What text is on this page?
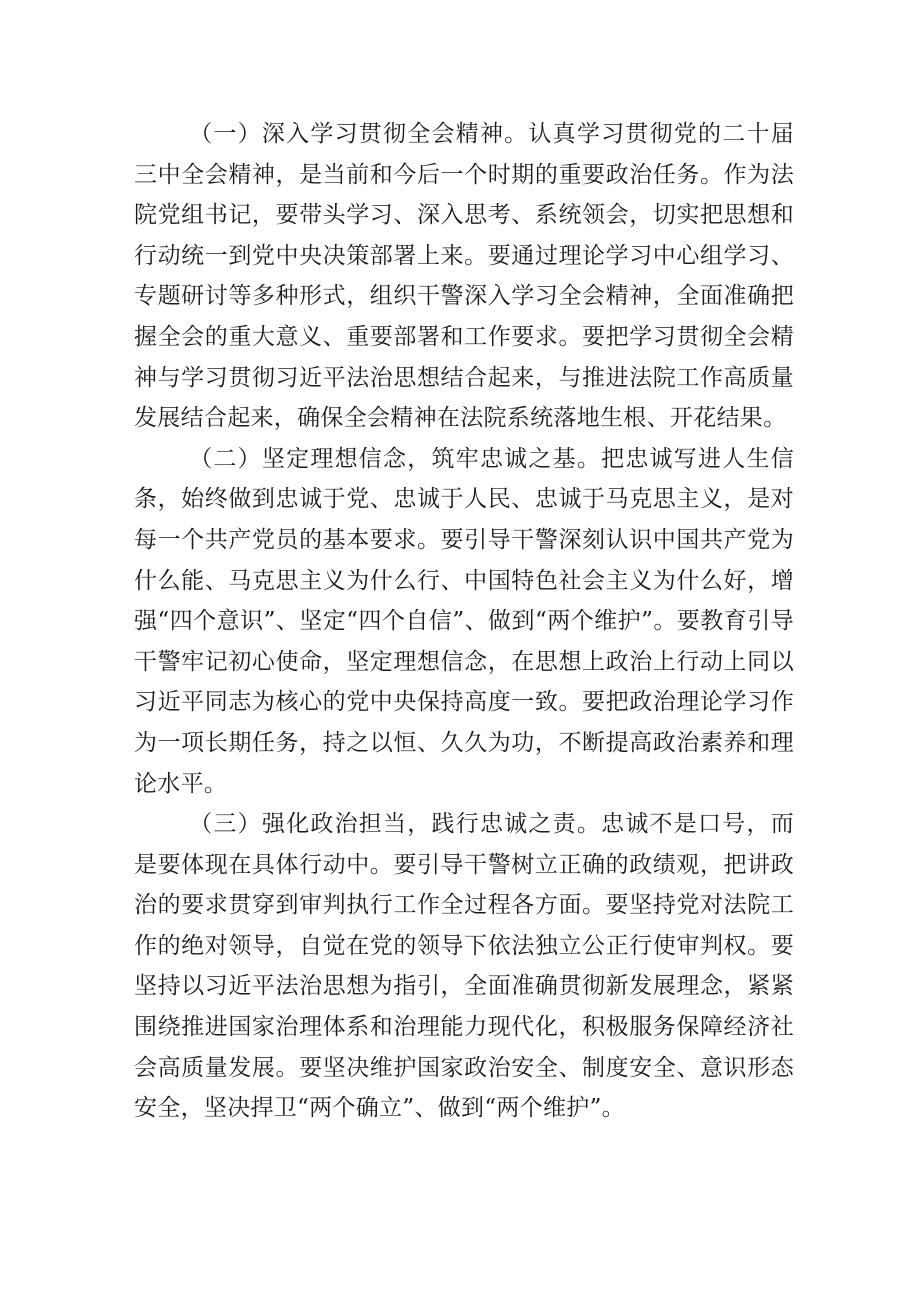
（一）深入学习贯彻全会精神。认真学习贯彻党的二十届三中全会精神，是当前和今后一个时期的重要政治任务。作为法院党组书记，要带头学习、深入思考、系统领会，切实把思想和行动统一到党中央决策部署上来。要通过理论学习中心组学习、专题研讨等多种形式，组织干警深入学习全会精神，全面准确把握全会的重大意义、重要部署和工作要求。要把学习贯彻全会精神与学习贯彻习近平法治思想结合起来，与推进法院工作高质量发展结合起来，确保全会精神在法院系统落地生根、开花结果。

（二）坚定理想信念，筑牢忠诚之基。把忠诚写进人生信条，始终做到忠诚于党、忠诚于人民、忠诚于马克思主义，是对每一个共产党员的基本要求。要引导干警深刻认识中国共产党为什么能、马克思主义为什么行、中国特色社会主义为什么好，增强“四个意识”、坚定“四个自信”、做到“两个维护”。要教育引导干警牢记初心使命，坚定理想信念，在思想上政治上行动上同以习近平同志为核心的党中央保持高度一致。要把政治理论学习作为一项长期任务，持之以恒、久久为功，不断提高政治素养和理论水平。

（三）强化政治担当，践行忠诚之责。忠诚不是口号，而是要体现在具体行动中。要引导干警树立正确的政绩观，把讲政治的要求贯穿到审判执行工作全过程各方面。要坚持党对法院工作的绝对领导，自觉在党的领导下依法独立公正行使审判权。要坚持以习近平法治思想为指引，全面准确贯彻新发展理念，紧紧围绕推进国家治理体系和治理能力现代化，积极服务保障经济社会高质量发展。要坚决维护国家政治安全、制度安全、意识形态安全，坚决捍卫“两个确立”、做到“两个维护”。
